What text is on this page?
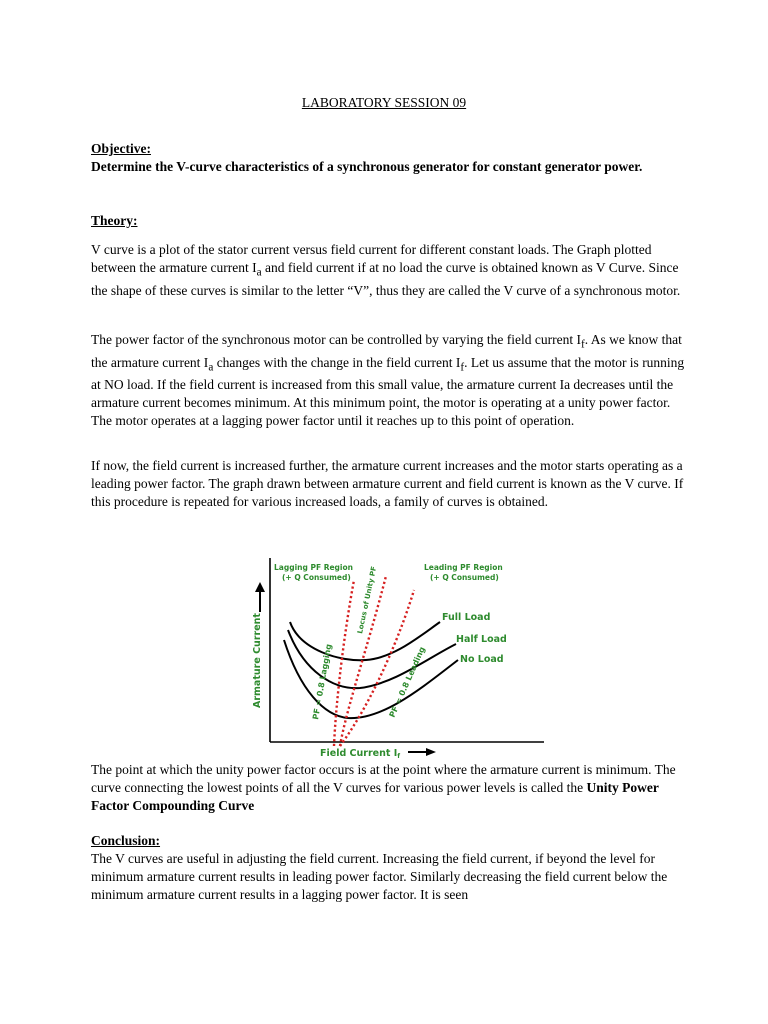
LABORATORY SESSION 09
Objective:
Determine the V-curve characteristics of a synchronous generator for constant generator power.
Theory:

V curve is a plot of the stator current versus field current for different constant loads. The Graph plotted between the armature current $I_a$ and field current if at no load the curve is obtained known as V Curve. Since the shape of these curves is similar to the letter “V”, thus they are called the V curve of a synchronous motor.

The power factor of the synchronous motor can be controlled by varying the field current $I_f$. As we know that the armature current $I_a$ changes with the change in the field current $I_f$. Let us assume that the motor is running at NO load. If the field current is increased from this small value, the armature current Ia decreases until the armature current becomes minimum. At this minimum point, the motor is operating at a unity power factor. The motor operates at a lagging power factor until it reaches up to this point of operation.

If now, the field current is increased further, the armature current increases and the motor starts operating as a leading power factor. The graph drawn between armature current and field current is known as the V curve. If this procedure is repeated for various increased loads, a family of curves is obtained.

Lagging PF Region
(+ Q Consumed)
Leading PF Region
(+ Q Consumed)
Locus of Unity PF
PF = 0.8 Lagging	PF = 0.8 Leading
Full Load
Half Load
No Load
Armature Current
Field Current $I_f$

The point at which the unity power factor occurs is at the point where the armature current is minimum. The curve connecting the lowest points of all the V curves for various power levels is called the Unity Power Factor Compounding Curve

Conclusion:
The V curves are useful in adjusting the field current. Increasing the field current, if beyond the level for minimum armature current results in leading power factor. Similarly decreasing the field current below the minimum armature current results in a lagging power factor. It is seen
